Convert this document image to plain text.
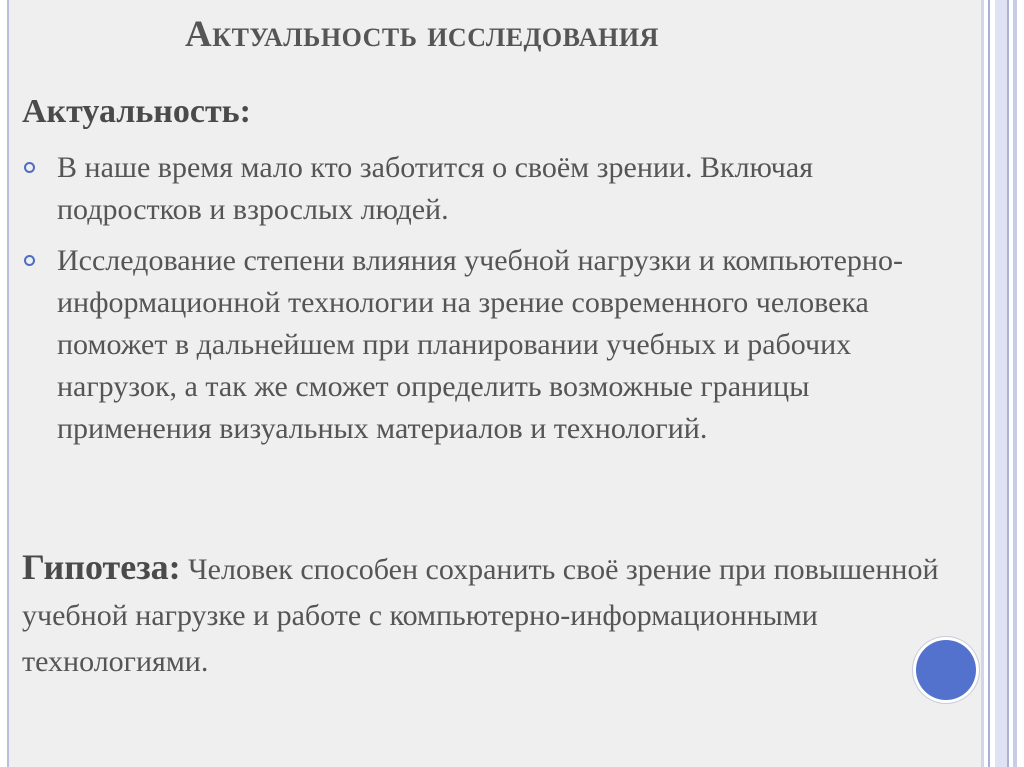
Актуальность исследования
Актуальность:
В наше время мало кто заботится о своём зрении. Включая подростков и взрослых людей.
Исследование степени влияния учебной нагрузки и компьютерно-информационной технологии на зрение современного человека поможет в дальнейшем при планировании учебных и рабочих нагрузок, а так же сможет определить возможные границы применения визуальных материалов и технологий.
Гипотеза: Человек способен сохранить своё зрение при повышенной учебной нагрузке и работе с компьютерно-информационными технологиями.
